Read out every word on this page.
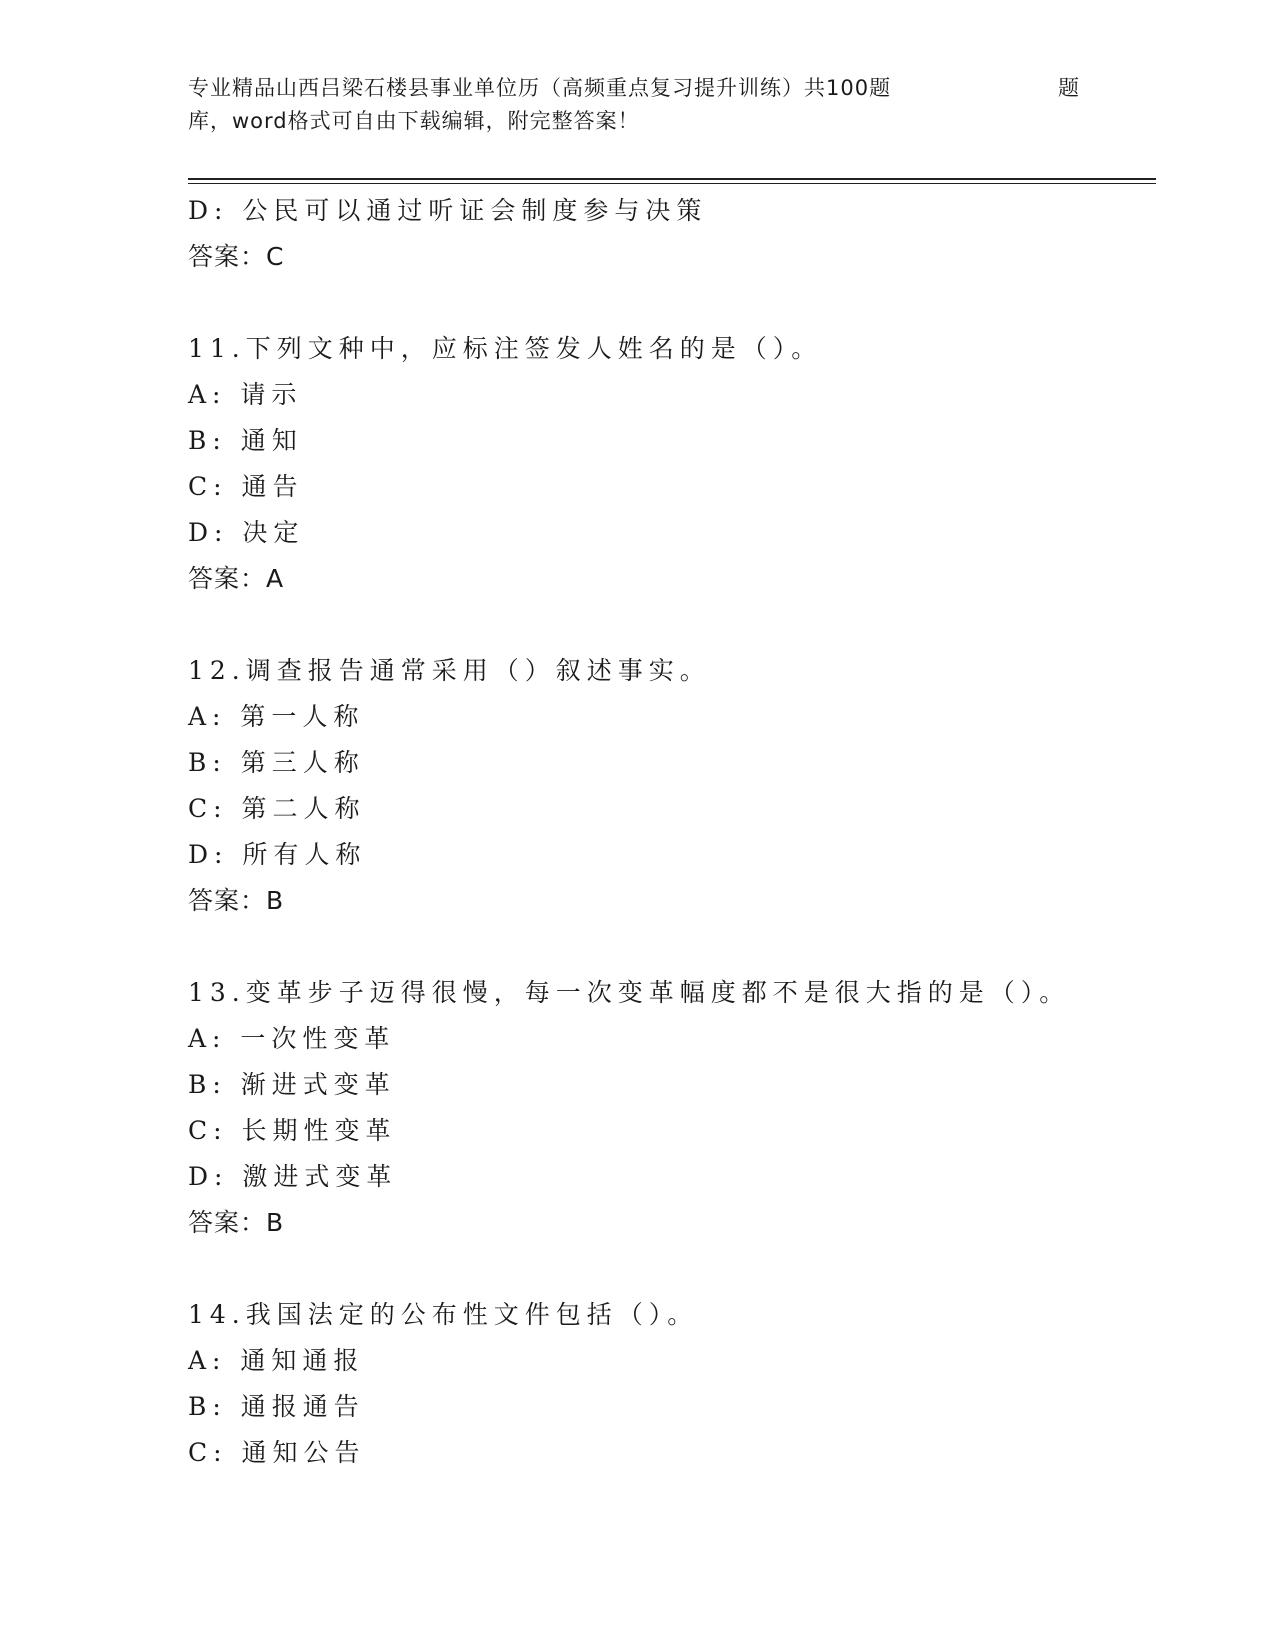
专业精品山西吕梁石楼县事业单位历（高频重点复习提升训练）共100题	题
库，word格式可自由下载编辑，附完整答案！
D: 公民可以通过听证会制度参与决策
答案：C
11.下列文种中，应标注签发人姓名的是（）。
A: 请示
B: 通知
C: 通告
D: 决定
答案：A
12.调查报告通常采用（）叙述事实。
A: 第一人称
B: 第三人称
C: 第二人称
D: 所有人称
答案：B
13.变革步子迈得很慢，每一次变革幅度都不是很大指的是（）。
A: 一次性变革
B: 渐进式变革
C: 长期性变革
D: 激进式变革
答案：B
14.我国法定的公布性文件包括（）。
A: 通知通报
B: 通报通告
C: 通知公告
